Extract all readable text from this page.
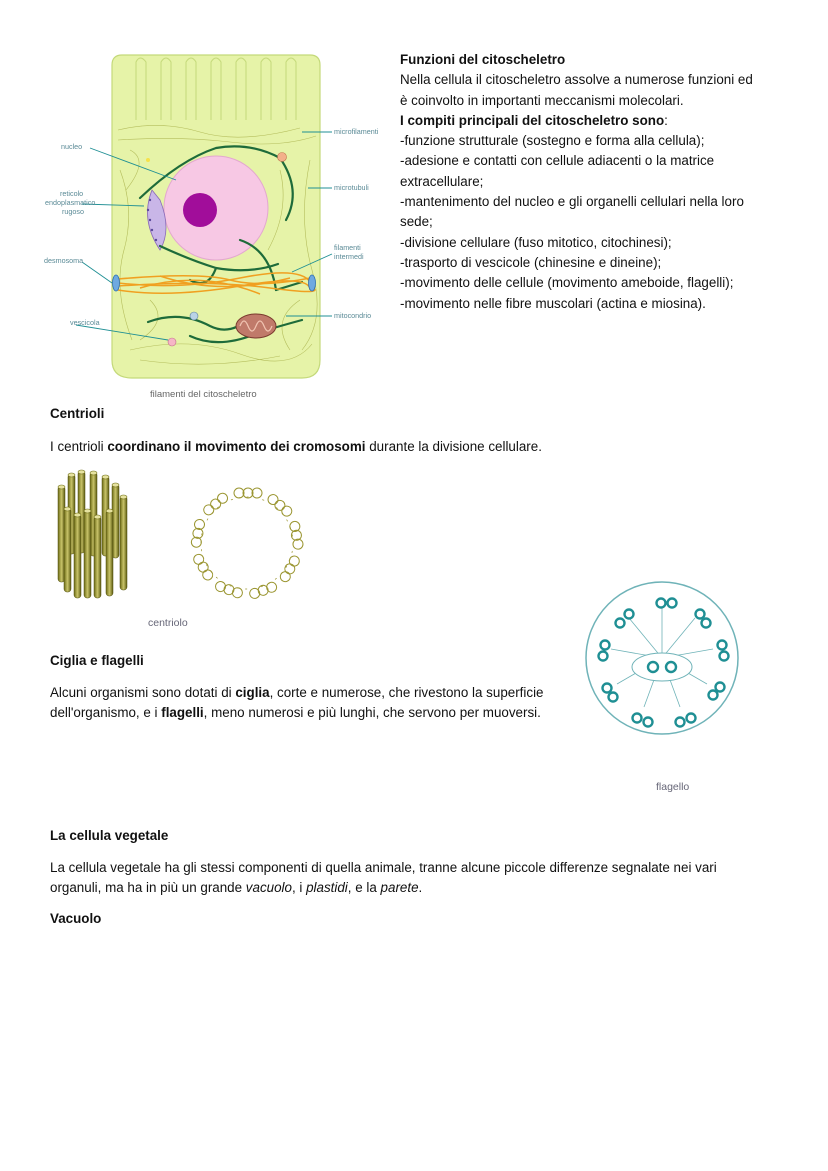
microfilamenti
microtubuli
filamenti
intermedi
mitocondrio
nucleo
reticolo
endoplasmatico
rugoso
desmosoma
vescicola
filamenti del citoscheletro
Funzioni del citoscheletro
Nella cellula il citoscheletro assolve a numerose funzioni ed
è coinvolto in importanti meccanismi molecolari.
I compiti principali del citoscheletro sono:
-funzione strutturale (sostegno e forma alla cellula);
-adesione e contatti con cellule adiacenti o la matrice
extracellulare;
-mantenimento del nucleo e gli organelli cellulari nella loro
sede;
-divisione cellulare (fuso mitotico, citochinesi);
-trasporto di vescicole (chinesine e dineine);
-movimento delle cellule (movimento ameboide, flagelli);
-movimento nelle fibre muscolari (actina e miosina).
Centrioli
I centrioli coordinano il movimento dei cromosomi durante la divisione cellulare.
centriolo
Ciglia e flagelli
Alcuni organismi sono dotati di ciglia, corte e numerose, che rivestono la superficie
dell'organismo, e i flagelli, meno numerosi e più lunghi, che servono per muoversi.
flagello
La cellula vegetale
La cellula vegetale ha gli stessi componenti di quella animale, tranne alcune piccole differenze segnalate nei vari
organuli, ma ha in più un grande vacuolo, i plastidi, e la parete.
Vacuolo
